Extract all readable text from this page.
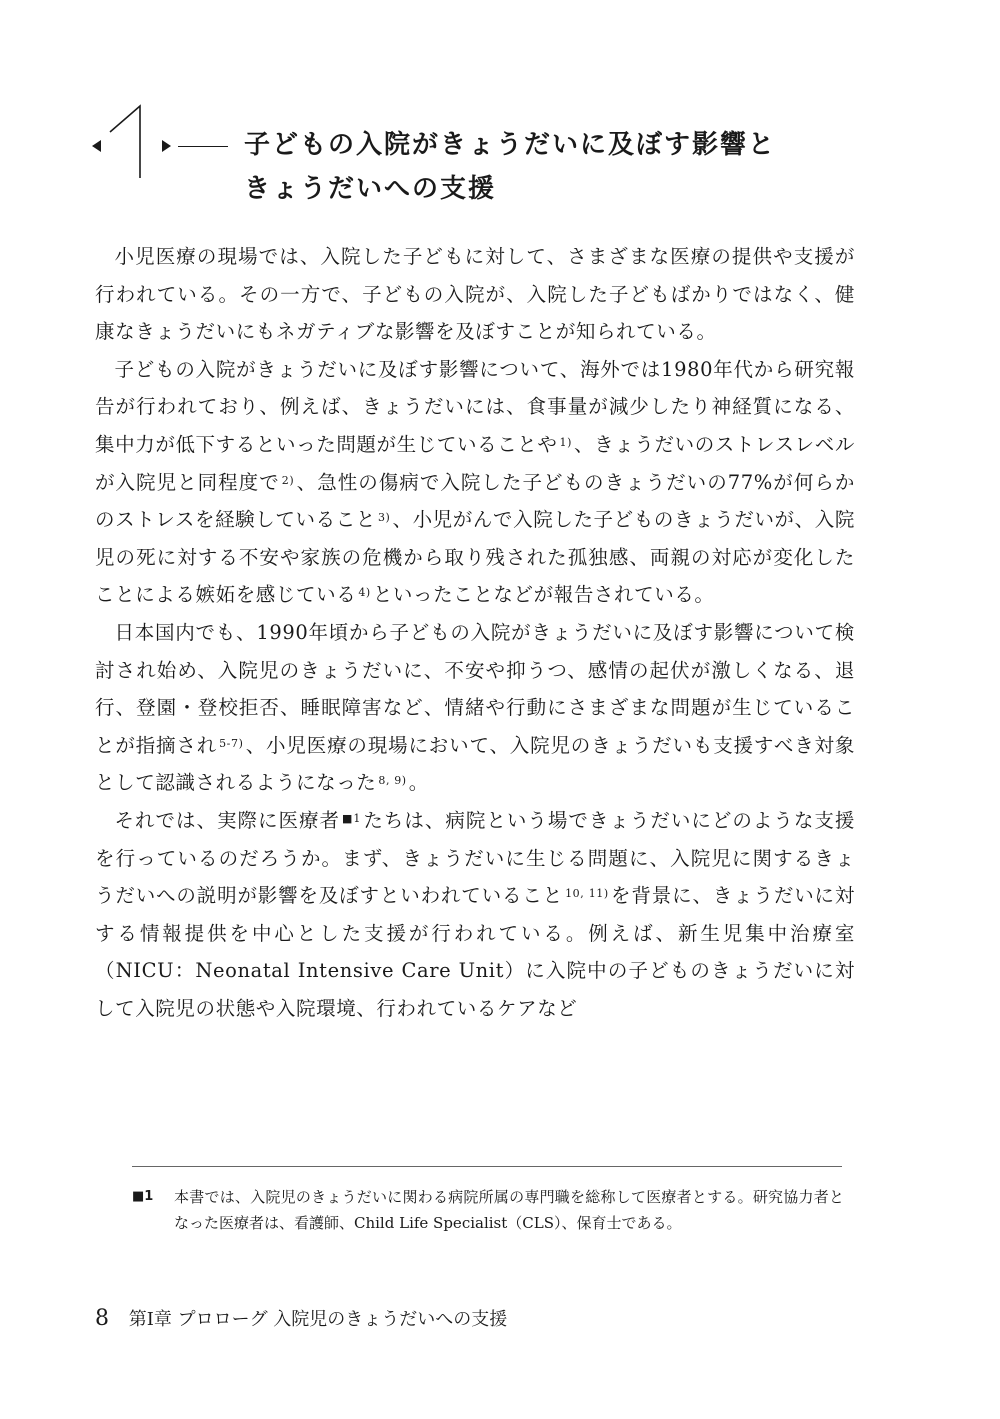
子どもの入院がきょうだいに及ぼす影響と
きょうだいへの支援

小児医療の現場では、入院した子どもに対して、さまざまな医療の提供や支援が行われている。その一方で、子どもの入院が、入院した子どもばかりではなく、健康なきょうだいにもネガティブな影響を及ぼすことが知られている。

子どもの入院がきょうだいに及ぼす影響について、海外では1980年代から研究報告が行われており、例えば、きょうだいには、食事量が減少したり神経質になる、集中力が低下するといった問題が生じていることや $^{1)}$ 、きょうだいのストレスレベルが入院児と同程度で $^{2)}$ 、急性の傷病で入院した子どものきょうだいの77%が何らかのストレスを経験していること $^{3)}$ 、小児がんで入院した子どものきょうだいが、入院児の死に対する不安や家族の危機から取り残された孤独感、両親の対応が変化したことによる嫉妬を感じている $^{4)}$ といったことなどが報告されている。

日本国内でも、1990年頃から子どもの入院がきょうだいに及ぼす影響について検討され始め、入院児のきょうだいに、不安や抑うつ、感情の起伏が激しくなる、退行、登園・登校拒否、睡眠障害など、情緒や行動にさまざまな問題が生じていることが指摘され $^{5-7)}$ 、小児医療の現場において、入院児のきょうだいも支援すべき対象として認識されるようになった $^{8, 9)}$ 。

それでは、実際に医療者 $^{■1}$ たちは、病院という場できょうだいにどのような支援を行っているのだろうか。まず、きょうだいに生じる問題に、入院児に関するきょうだいへの説明が影響を及ぼすといわれていること $^{10, 11)}$ を背景に、きょうだいに対する情報提供を中心とした支援が行われている。例えば、新生児集中治療室（NICU：Neonatal Intensive Care Unit）に入院中の子どものきょうだいに対して入院児の状態や入院環境、行われているケアなど

■1	本書では、入院児のきょうだいに関わる病院所属の専門職を総称して医療者とする。研究協力者となった医療者は、看護師、Child Life Specialist（CLS）、保育士である。
8 第Ⅰ章 プロローグ 入院児のきょうだいへの支援
